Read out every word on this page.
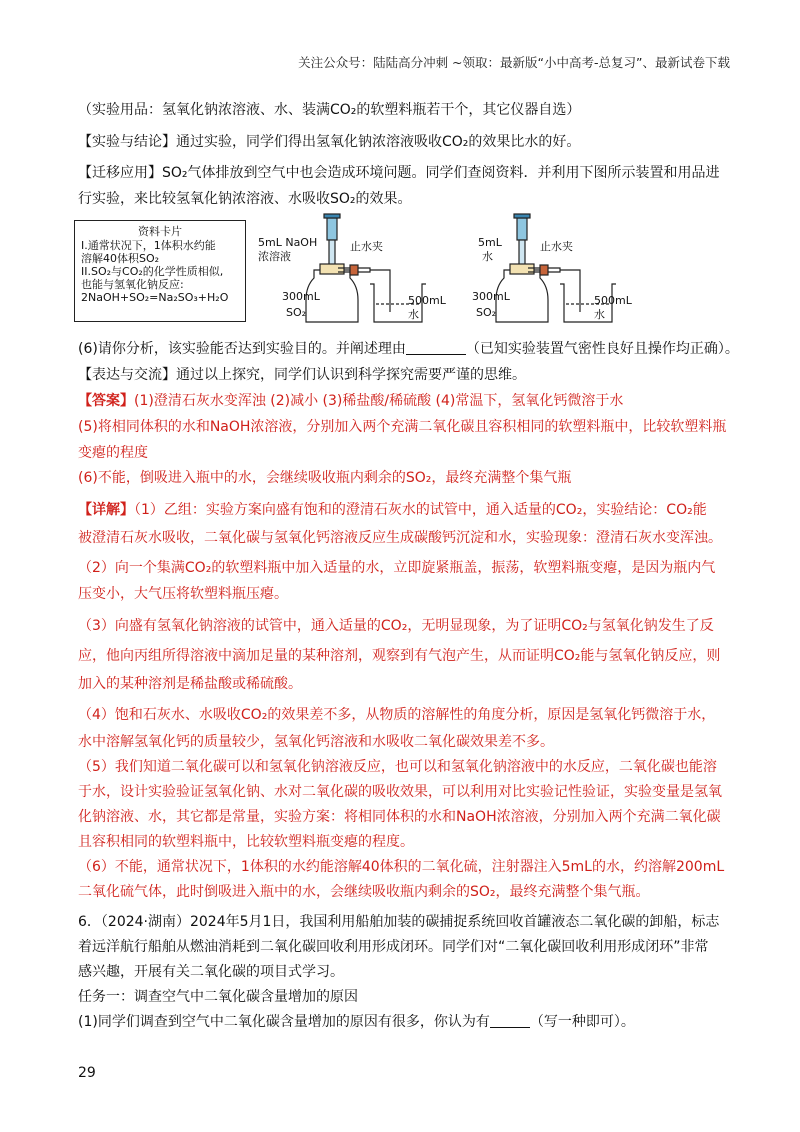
关注公众号：陆陆高分冲刺 ~领取：最新版“小中高考-总复习”、最新试卷下载
（实验用品：氢氧化钠浓溶液、水、装满CO₂的软塑料瓶若干个，其它仪器自选）
【实验与结论】通过实验，同学们得出氢氧化钠浓溶液吸收CO₂的效果比水的好。
【迁移应用】SO₂气体排放到空气中也会造成环境问题。同学们查阅资料．并利用下图所示装置和用品进
行实验，来比较氢氧化钠浓溶液、水吸收SO₂的效果。
资料卡片
I.通常状况下，1体积水约能
溶解40体积SO₂
II.SO₂与CO₂的化学性质相似,
也能与氢氧化钠反应:
2NaOH+SO₂=Na₂SO₃+H₂O
5mL NaOH
浓溶液
止水夹
300mL
SO₂
500mL
水
5mL
水
止水夹
300mL
SO₂
500mL
水
(6)请你分析，该实验能否达到实验目的。并阐述理由	（已知实验装置气密性良好且操作均正确）。
【表达与交流】通过以上探究，同学们认识到科学探究需要严谨的思维。
【答案】(1)澄清石灰水变浑浊 (2)减小 (3)稀盐酸/稀硫酸 (4)常温下，氢氧化钙微溶于水
(5)将相同体积的水和NaOH浓溶液，分别加入两个充满二氧化碳且容积相同的软塑料瓶中，比较软塑料瓶
变瘪的程度
(6)不能，倒吸进入瓶中的水，会继续吸收瓶内剩余的SO₂，最终充满整个集气瓶
【详解】（1）乙组：实验方案向盛有饱和的澄清石灰水的试管中，通入适量的CO₂，实验结论：CO₂能
被澄清石灰水吸收，二氧化碳与氢氧化钙溶液反应生成碳酸钙沉淀和水，实验现象：澄清石灰水变浑浊。
（2）向一个集满CO₂的软塑料瓶中加入适量的水，立即旋紧瓶盖，振荡，软塑料瓶变瘪，是因为瓶内气
压变小，大气压将软塑料瓶压瘪。
（3）向盛有氢氧化钠溶液的试管中，通入适量的CO₂，无明显现象，为了证明CO₂与氢氧化钠发生了反
应，他向丙组所得溶液中滴加足量的某种溶剂，观察到有气泡产生，从而证明CO₂能与氢氧化钠反应，则
加入的某种溶剂是稀盐酸或稀硫酸。
（4）饱和石灰水、水吸收CO₂的效果差不多，从物质的溶解性的角度分析，原因是氢氧化钙微溶于水，
水中溶解氢氧化钙的质量较少，氢氧化钙溶液和水吸收二氧化碳效果差不多。
（5）我们知道二氧化碳可以和氢氧化钠溶液反应，也可以和氢氧化钠溶液中的水反应，二氧化碳也能溶
于水，设计实验验证氢氧化钠、水对二氧化碳的吸收效果，可以利用对比实验记性验证，实验变量是氢氧
化钠溶液、水，其它都是常量，实验方案：将相同体积的水和NaOH浓溶液，分别加入两个充满二氧化碳
且容积相同的软塑料瓶中，比较软塑料瓶变瘪的程度。
（6）不能，通常状况下，1体积的水约能溶解40体积的二氧化硫，注射器注入5mL的水，约溶解200mL
二氧化硫气体，此时倒吸进入瓶中的水，会继续吸收瓶内剩余的SO₂，最终充满整个集气瓶。
6．（2024·湖南）2024年5月1日，我国利用船舶加装的碳捕捉系统回收首罐液态二氧化碳的卸船，标志
着远洋航行船舶从燃油消耗到二氧化碳回收利用形成闭环。同学们对“二氧化碳回收利用形成闭环”非常
感兴趣，开展有关二氧化碳的项目式学习。
任务一：调查空气中二氧化碳含量增加的原因
(1)同学们调查到空气中二氧化碳含量增加的原因有很多，你认为有	（写一种即可）。
29
